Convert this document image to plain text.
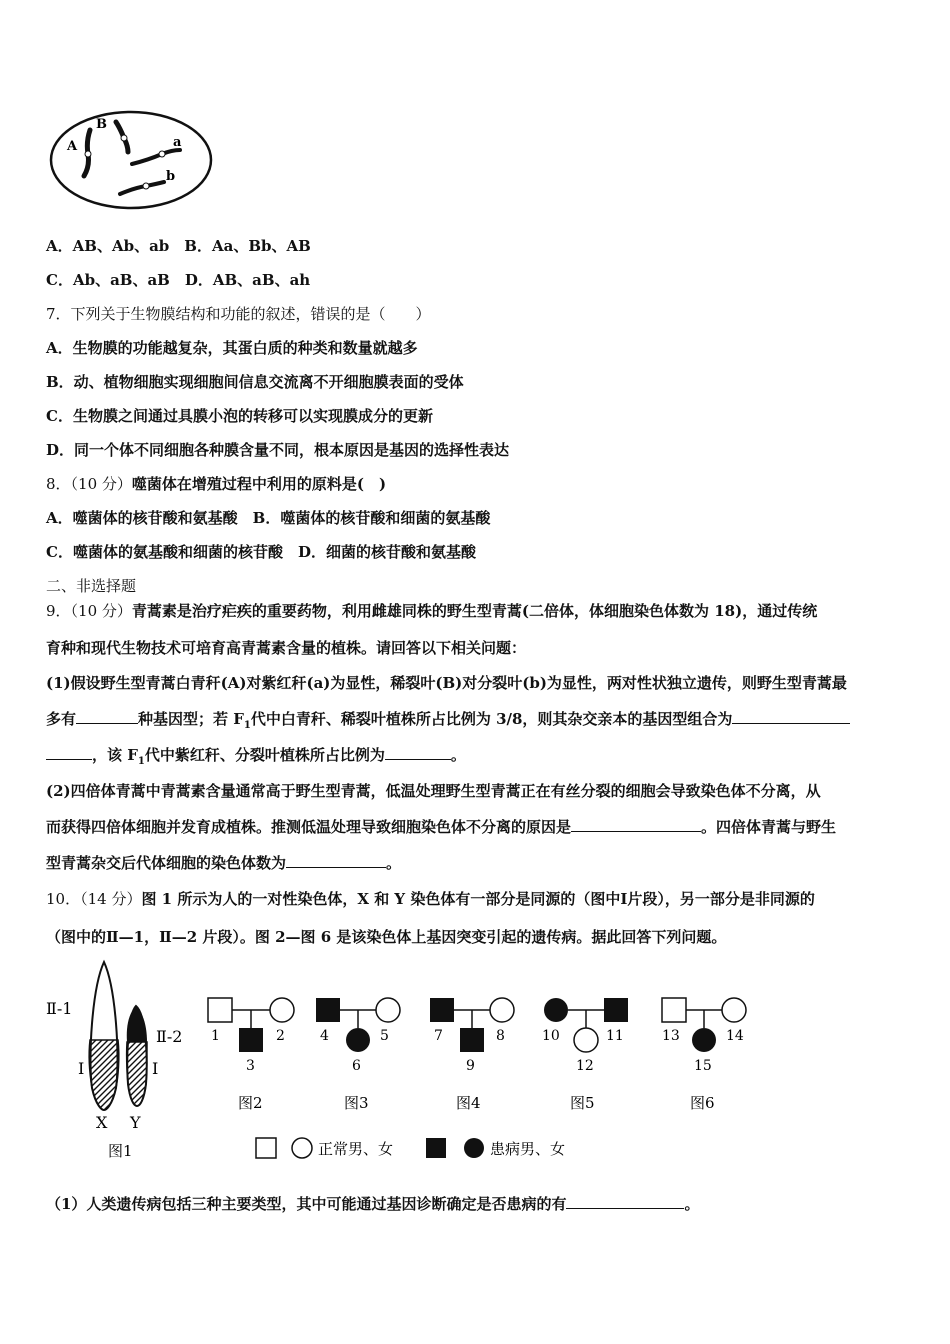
A
B
a
b
A．AB、Ab、ab　B．Aa、Bb、AB
C．Ab、aB、aB　D．AB、aB、ah
7．下列关于生物膜结构和功能的叙述，错误的是（　　）
A．生物膜的功能越复杂，其蛋白质的种类和数量就越多
B．动、植物细胞实现细胞间信息交流离不开细胞膜表面的受体
C．生物膜之间通过具膜小泡的转移可以实现膜成分的更新
D．同一个体不同细胞各种膜含量不同，根本原因是基因的选择性表达
8．（10 分）噬菌体在增殖过程中利用的原料是(　)
A．噬菌体的核苷酸和氨基酸　B．噬菌体的核苷酸和细菌的氨基酸
C．噬菌体的氨基酸和细菌的核苷酸　D．细菌的核苷酸和氨基酸
二、非选择题
9．（10 分）青蒿素是治疗疟疾的重要药物，利用雌雄同株的野生型青蒿(二倍体，体细胞染色体数为 18)，通过传统
育种和现代生物技术可培育高青蒿素含量的植株。请回答以下相关问题：
(1)假设野生型青蒿白青秆(A)对紫红秆(a)为显性，稀裂叶(B)对分裂叶(b)为显性，两对性状独立遗传，则野生型青蒿最
多有	种基因型；若 $F_1$代中白青秆、稀裂叶植株所占比例为 3/8，则其杂交亲本的基因型组合为
，该 $F_1$代中紫红秆、分裂叶植株所占比例为	。
(2)四倍体青蒿中青蒿素含量通常高于野生型青蒿，低温处理野生型青蒿正在有丝分裂的细胞会导致染色体不分离，从
而获得四倍体细胞并发育成植株。推测低温处理导致细胞染色体不分离的原因是	。四倍体青蒿与野生
型青蒿杂交后代体细胞的染色体数为	。
10．（14 分）图 1 所示为人的一对性染色体，X 和 Y 染色体有一部分是同源的（图中Ⅰ片段），另一部分是非同源的
（图中的Ⅱ—1，Ⅱ—2 片段）。图 2—图 6 是该染色体上基因突变引起的遗传病。据此回答下列问题。
Ⅱ-1
Ⅱ-2
Ⅰ	Ⅰ
X Y
图1
1	2
3
图2
4	5
6
图3
7	8
9
图4
10	11
12
图5
13	14
15
图6
正常男、女	患病男、女
（1）人类遗传病包括三种主要类型，其中可能通过基因诊断确定是否患病的有	。
